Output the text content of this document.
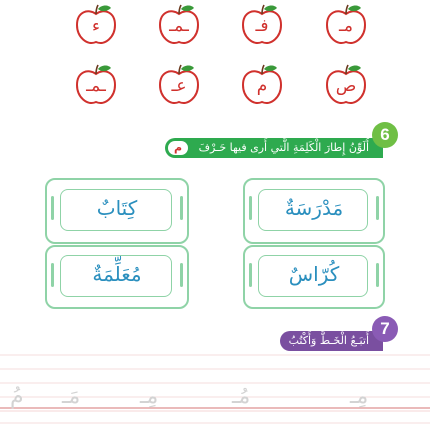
ء	ـمـ	فـ	مـ
ـمـ	عـ	م	ص
أُلَوِّنُ إِطارَ الْكَلِمَةِ الَّتي أَرى فيها حَـرْفَ
م
6
كِتَابٌ	مَدْرَسَةٌ
مُعَلِّمَةٌ	كُرّاسٌ
أَتبَـعُ الْخَـطَّ وَأَكْتُبُ
7
مِـ
مُـ
مِـ
مَـ
مُ
